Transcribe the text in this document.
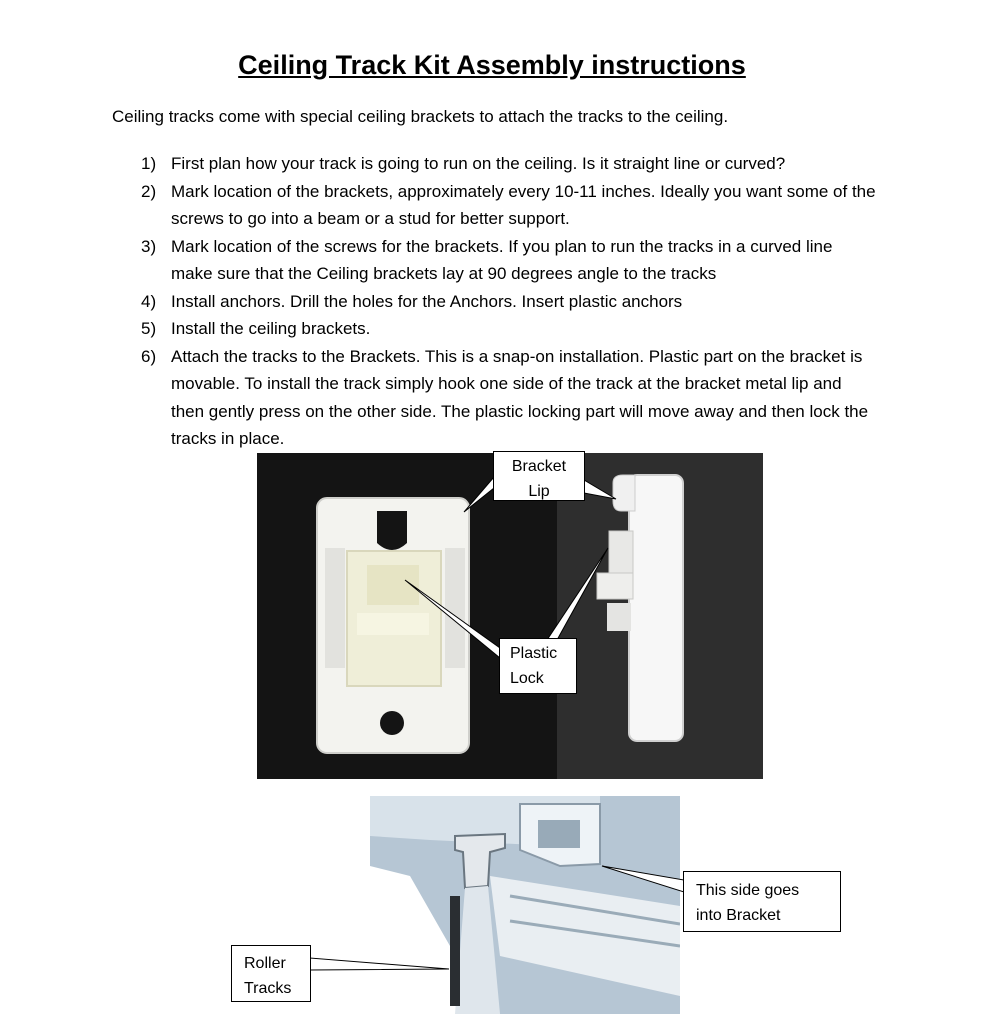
Ceiling Track Kit Assembly instructions
Ceiling tracks come with special ceiling brackets to attach the tracks to the ceiling.
1) First plan how your track is going to run on the ceiling. Is it straight line or curved?
2) Mark location of the brackets, approximately every 10-11 inches. Ideally you want some of the screws to go into a beam or a stud for better support.
3) Mark location of the screws for the brackets. If you plan to run the tracks in a curved line make sure that the Ceiling brackets lay at 90 degrees angle to the tracks
4) Install anchors. Drill the holes for the Anchors. Insert plastic anchors
5) Install the ceiling brackets.
6) Attach the tracks to the Brackets. This is a snap-on installation. Plastic part on the bracket is movable. To install the track simply hook one side of the track at the bracket metal lip and then gently press on the other side. The plastic locking part will move away and then lock the tracks in place.
Bracket
Lip
Plastic
Lock
This side goes
into Bracket
Roller
Tracks
